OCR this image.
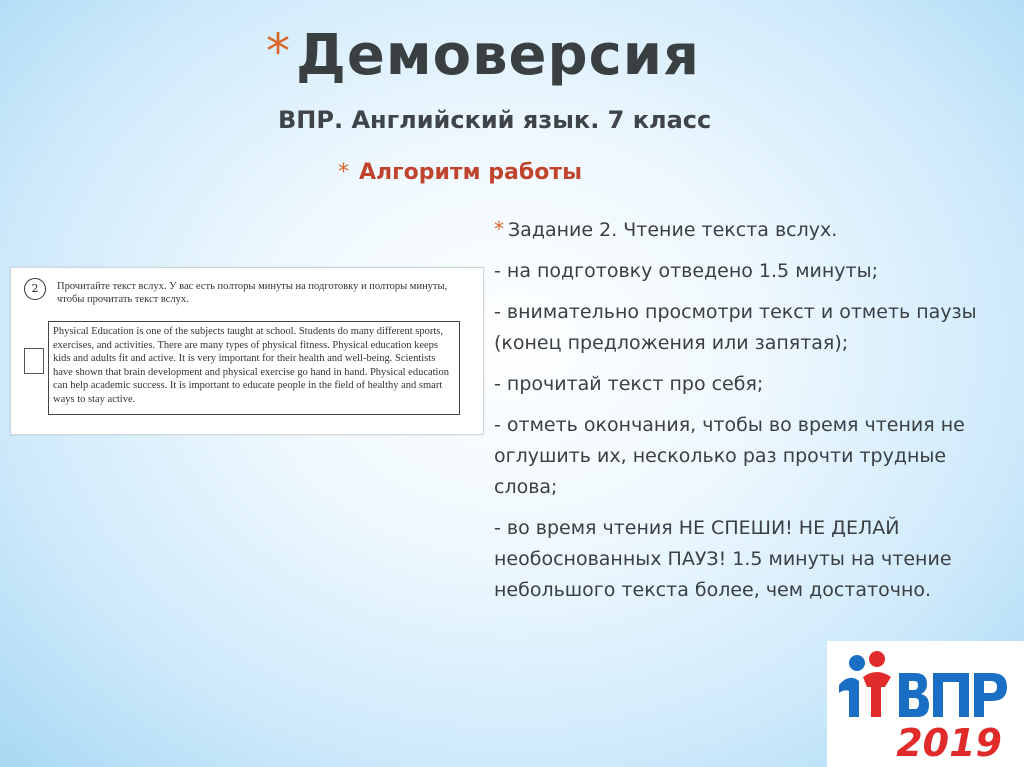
* Демоверсия
ВПР. Английский язык. 7 класс
* Алгоритм работы
2	Прочитайте текст вслух. У вас есть полторы минуты на подготовку и полторы минуты, чтобы прочитать текст вслух.
Physical Education is one of the subjects taught at school. Students do many different sports, exercises, and activities. There are many types of physical fitness. Physical education keeps kids and adults fit and active. It is very important for their health and well-being. Scientists have shown that brain development and physical exercise go hand in hand. Physical education can help academic success. It is important to educate people in the field of healthy and smart ways to stay active.
* Задание 2. Чтение текста вслух.
- на подготовку отведено 1.5 минуты;
- внимательно просмотри текст и отметь паузы (конец предложения или запятая);
- прочитай текст про себя;
- отметь окончания, чтобы во время чтения не оглушить их, несколько раз прочти трудные слова;
- во время чтения НЕ СПЕШИ! НЕ ДЕЛАЙ необоснованных ПАУЗ! 1.5 минуты на чтение небольшого текста более, чем достаточно.
2019
